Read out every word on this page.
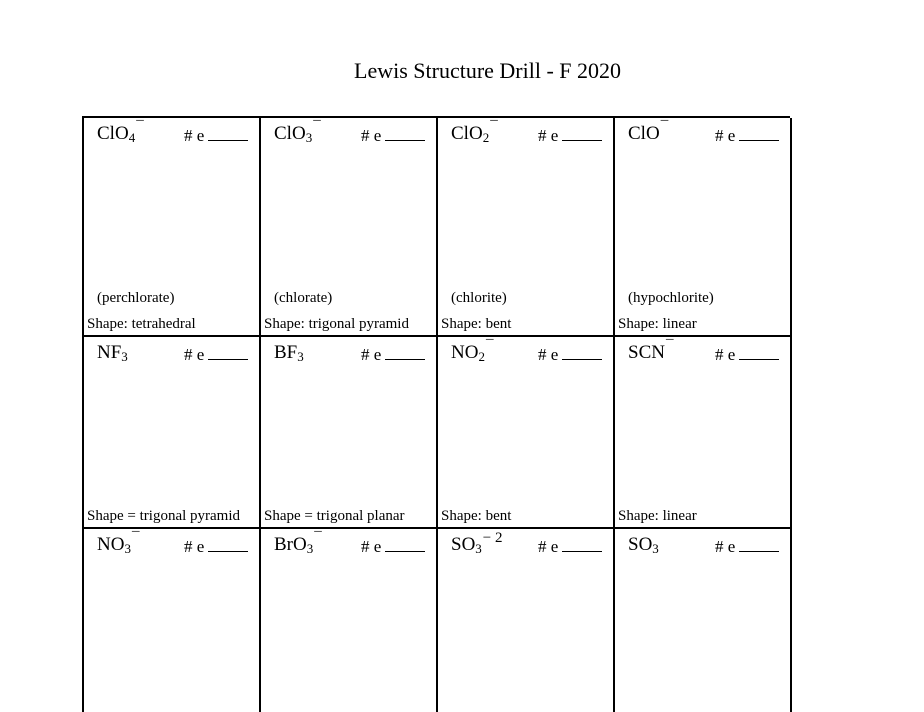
Lewis Structure Drill - F 2020
ClO$_4$¯ # e
(perchlorate)
Shape: tetrahedral
ClO$_3$¯ # e
(chlorate)
Shape: trigonal pyramid
ClO$_2$¯ # e
(chlorite)
Shape: bent
ClO¯	# e
(hypochlorite)
Shape: linear
$NF_3$	# e
Shape = trigonal pyramid
$BF_3$	# e
Shape = trigonal planar
$NO_2^¯$	# e
Shape: bent
SCN¯ # e
Shape: linear
$NO_3^¯$	# e	BrO$_3$¯ # e	$SO_3^{- 2}$ # e	$SO_3$	# e
